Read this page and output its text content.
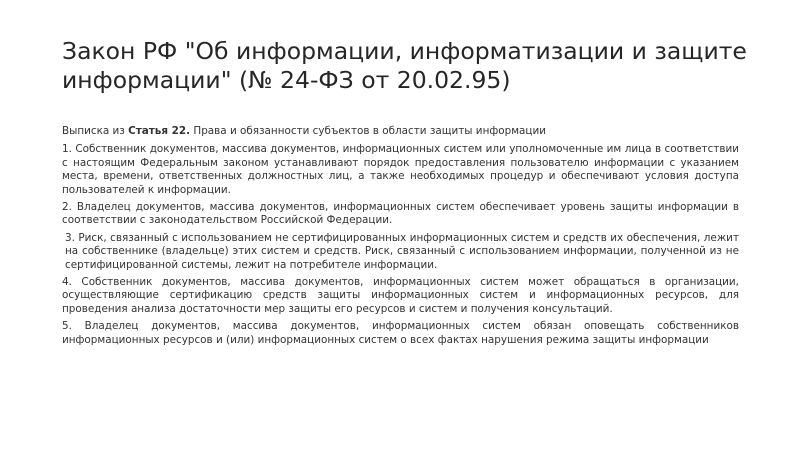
Закон РФ "Об информации, информатизации и защите информации" (№ 24-ФЗ от 20.02.95)

Выписка из Статья 22. Права и обязанности субъектов в области защиты информации

1. Собственник документов, массива документов, информационных систем или уполномоченные им лица в соответствии с настоящим Федеральным законом устанавливают порядок предоставления пользователю информации с указанием места, времени, ответственных должностных лиц, а также необходимых процедур и обеспечивают условия доступа пользователей к информации.

2. Владелец документов, массива документов, информационных систем обеспечивает уровень защиты информации в соответствии с законодательством Российской Федерации.

3. Риск, связанный с использованием не сертифицированных информационных систем и средств их обеспечения, лежит на собственнике (владельце) этих систем и средств. Риск, связанный с использованием информации, полученной из не сертифицированной системы, лежит на потребителе информации.

4. Собственник документов, массива документов, информационных систем может обращаться в организации, осуществляющие сертификацию средств защиты информационных систем и информационных ресурсов, для проведения анализа достаточности мер защиты его ресурсов и систем и получения консультаций.

5. Владелец документов, массива документов, информационных систем обязан оповещать собственников информационных ресурсов и (или) информационных систем о всех фактах нарушения режима защиты информации
